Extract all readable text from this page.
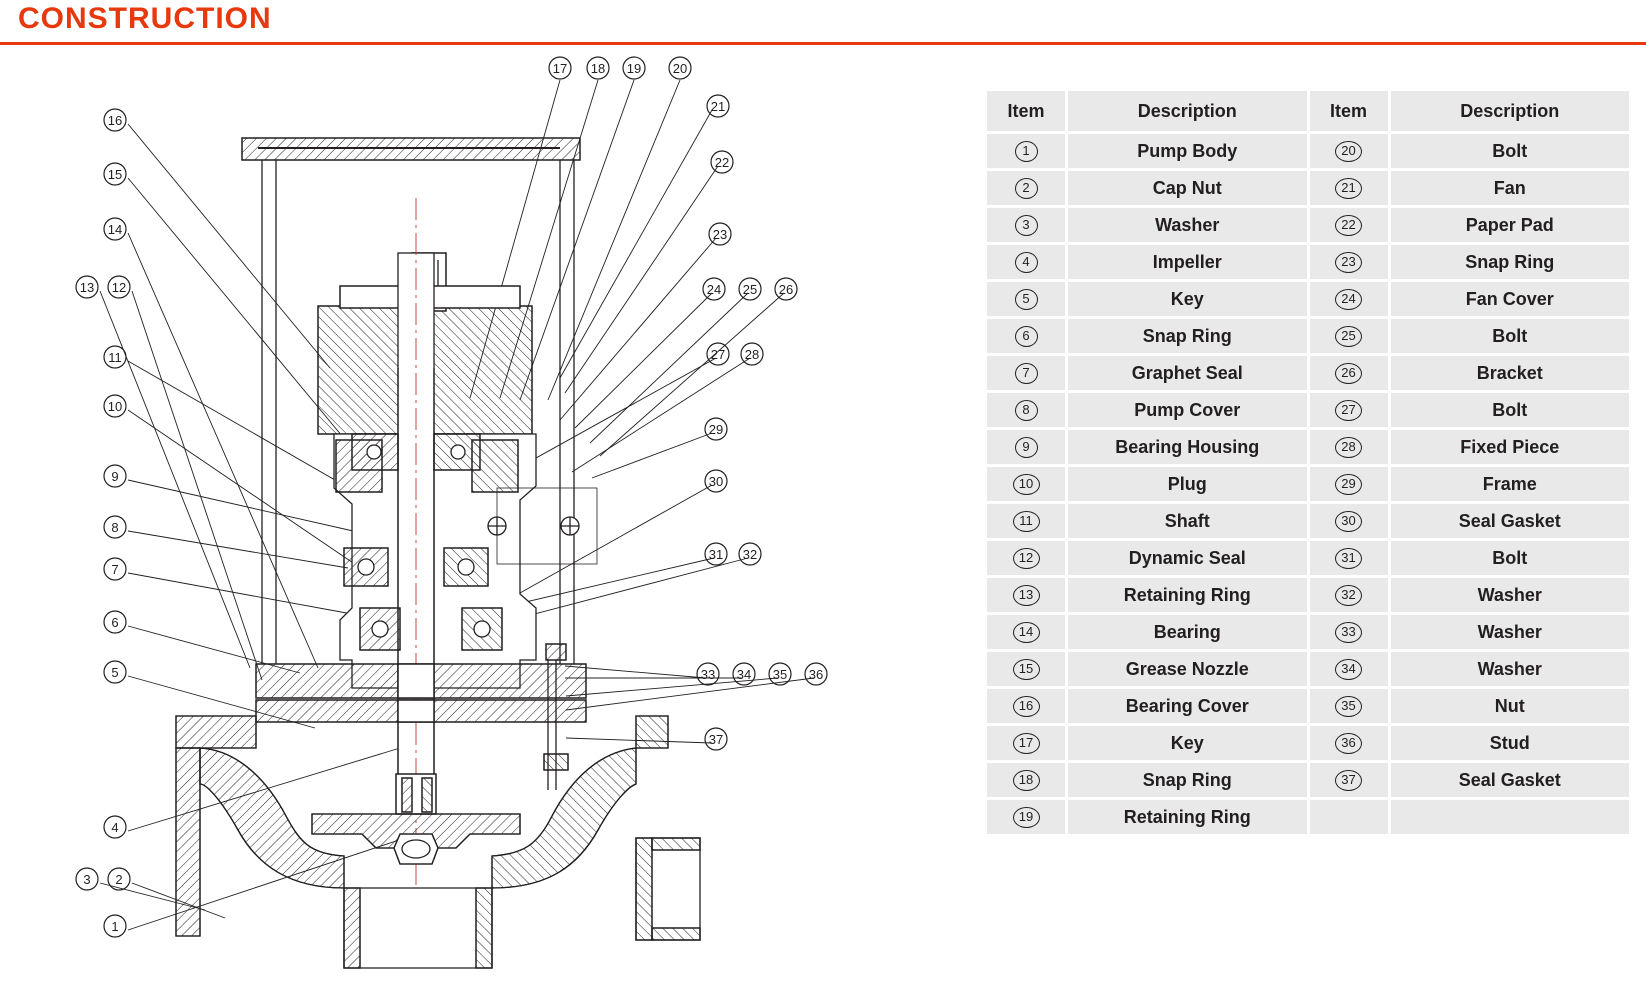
CONSTRUCTION
16
15
14
13 12
11
10
9
8
7
6
5
4
3 2
1
17 18 19 20
21
22
23
24 25 26
27 28
29
30
31 32
33 34 35 36
37
Item	Description	Item	Description
1	Pump Body	20	Bolt
2	Cap Nut	21	Fan
3	Washer	22	Paper Pad
4	Impeller	23	Snap Ring
5	Key	24	Fan Cover
6	Snap Ring	25	Bolt
7	Graphet Seal	26	Bracket
8	Pump Cover	27	Bolt
9	Bearing Housing	28	Fixed Piece
10	Plug	29	Frame
11	Shaft	30	Seal Gasket
12	Dynamic Seal	31	Bolt
13	Retaining Ring	32	Washer
14	Bearing	33	Washer
15	Grease Nozzle	34	Washer
16	Bearing Cover	35	Nut
17	Key	36	Stud
18	Snap Ring	37	Seal Gasket
19	Retaining Ring		
